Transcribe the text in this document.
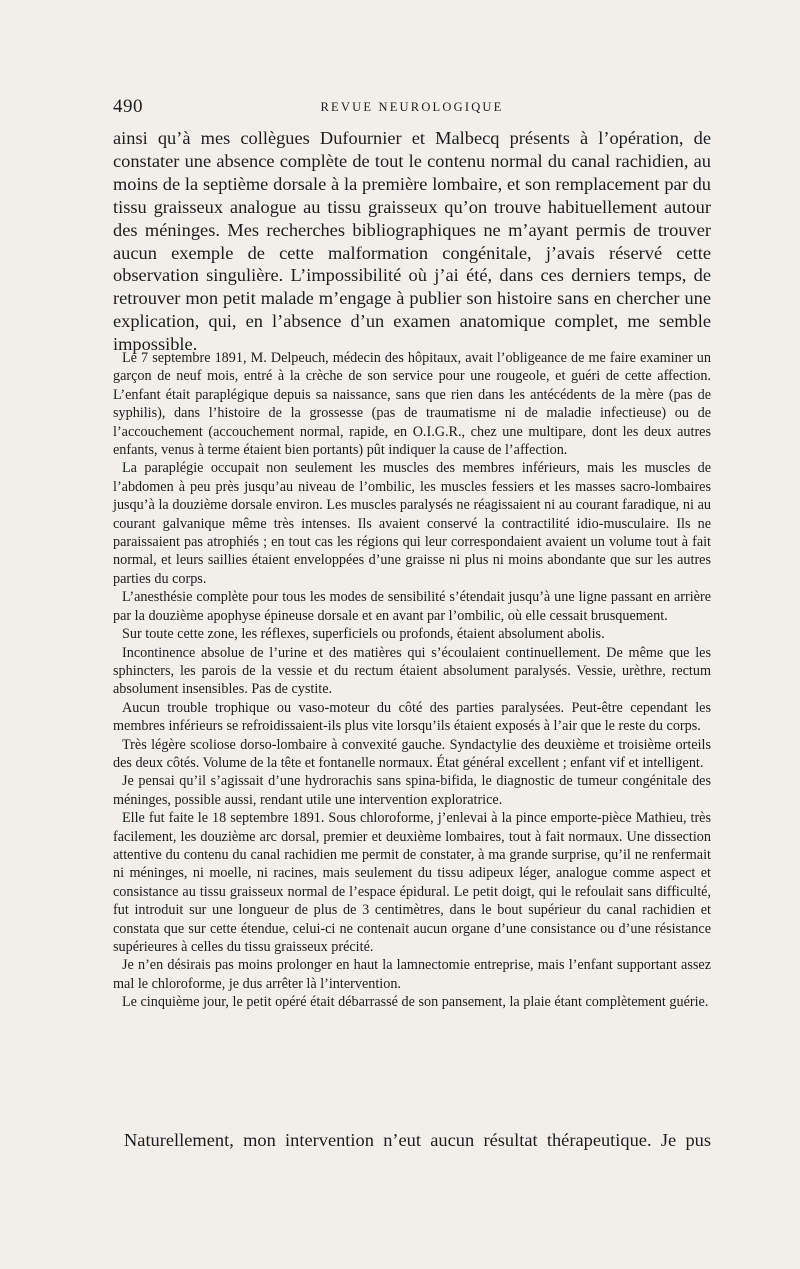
490	REVUE NEUROLOGIQUE

ainsi qu’à mes collègues Dufournier et Malbecq présents à l’opération, de constater une absence complète de tout le contenu normal du canal rachidien, au moins de la septième dorsale à la première lombaire, et son remplacement par du tissu graisseux analogue au tissu graisseux qu’on trouve habituellement autour des méninges. Mes recherches bibliographiques ne m’ayant permis de trouver aucun exemple de cette malformation congénitale, j’avais réservé cette observation singulière. L’impossibilité où j’ai été, dans ces derniers temps, de retrouver mon petit malade m’engage à publier son histoire sans en chercher une explication, qui, en l’absence d’un examen anatomique complet, me semble impossible.

Le 7 septembre 1891, M. Delpeuch, médecin des hôpitaux, avait l’obligeance de me faire examiner un garçon de neuf mois, entré à la crèche de son service pour une rougeole, et guéri de cette affection. L’enfant était paraplégique depuis sa naissance, sans que rien dans les antécédents de la mère (pas de syphilis), dans l’histoire de la grossesse (pas de traumatisme ni de maladie infectieuse) ou de l’accouchement (accouchement normal, rapide, en O.I.G.R., chez une multipare, dont les deux autres enfants, venus à terme étaient bien portants) pût indiquer la cause de l’affection.

La paraplégie occupait non seulement les muscles des membres inférieurs, mais les muscles de l’abdomen à peu près jusqu’au niveau de l’ombilic, les muscles fessiers et les masses sacro-lombaires jusqu’à la douzième dorsale environ. Les muscles paralysés ne réagissaient ni au courant faradique, ni au courant galvanique même très intenses. Ils avaient conservé la contractilité idio-musculaire. Ils ne paraissaient pas atrophiés ; en tout cas les régions qui leur correspondaient avaient un volume tout à fait normal, et leurs saillies étaient enveloppées d’une graisse ni plus ni moins abondante que sur les autres parties du corps.

L’anesthésie complète pour tous les modes de sensibilité s’étendait jusqu’à une ligne passant en arrière par la douzième apophyse épineuse dorsale et en avant par l’ombilic, où elle cessait brusquement.

Sur toute cette zone, les réflexes, superficiels ou profonds, étaient absolument abolis.

Incontinence absolue de l’urine et des matières qui s’écoulaient continuellement. De même que les sphincters, les parois de la vessie et du rectum étaient absolument paralysés. Vessie, urèthre, rectum absolument insensibles. Pas de cystite.

Aucun trouble trophique ou vaso-moteur du côté des parties paralysées. Peut-être cependant les membres inférieurs se refroidissaient-ils plus vite lorsqu’ils étaient exposés à l’air que le reste du corps.

Très légère scoliose dorso-lombaire à convexité gauche. Syndactylie des deuxième et troisième orteils des deux côtés. Volume de la tête et fontanelle normaux. État général excellent ; enfant vif et intelligent.

Je pensai qu’il s’agissait d’une hydrorachis sans spina-bifida, le diagnostic de tumeur congénitale des méninges, possible aussi, rendant utile une intervention exploratrice.

Elle fut faite le 18 septembre 1891. Sous chloroforme, j’enlevai à la pince emporte-pièce Mathieu, très facilement, les douzième arc dorsal, premier et deuxième lombaires, tout à fait normaux. Une dissection attentive du contenu du canal rachidien me permit de constater, à ma grande surprise, qu’il ne renfermait ni méninges, ni moelle, ni racines, mais seulement du tissu adipeux léger, analogue comme aspect et consistance au tissu graisseux normal de l’espace épidural. Le petit doigt, qui le refoulait sans difficulté, fut introduit sur une longueur de plus de 3 centimètres, dans le bout supérieur du canal rachidien et constata que sur cette étendue, celui-ci ne contenait aucun organe d’une consistance ou d’une résistance supérieures à celles du tissu graisseux précité.

Je n’en désirais pas moins prolonger en haut la lamnectomie entreprise, mais l’enfant supportant assez mal le chloroforme, je dus arrêter là l’intervention.

Le cinquième jour, le petit opéré était débarrassé de son pansement, la plaie étant complètement guérie.

Naturellement, mon intervention n’eut aucun résultat thérapeutique. Je pus
